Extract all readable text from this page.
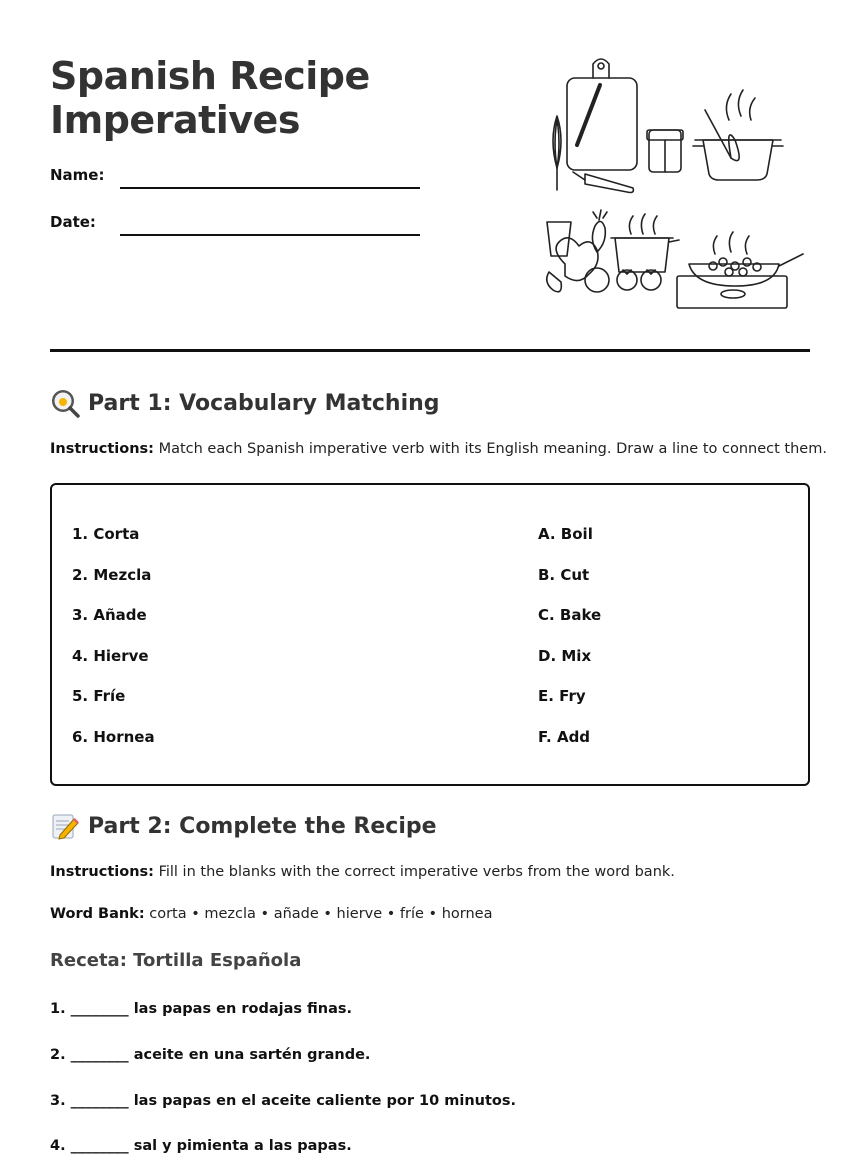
Spanish Recipe
Imperatives
Name:
Date:
Part 1: Vocabulary Matching
Instructions: Match each Spanish imperative verb with its English meaning. Draw a line to connect them.
1. Corta
2. Mezcla
3. Añade
4. Hierve
5. Fríe
6. Hornea
A. Boil
B. Cut
C. Bake
D. Mix
E. Fry
F. Add
Part 2: Complete the Recipe
Instructions: Fill in the blanks with the correct imperative verbs from the word bank.
Word Bank: corta • mezcla • añade • hierve • fríe • hornea
Receta: Tortilla Española
1. ________ las papas en rodajas finas.
2. ________ aceite en una sartén grande.
3. ________ las papas en el aceite caliente por 10 minutos.
4. ________ sal y pimienta a las papas.
